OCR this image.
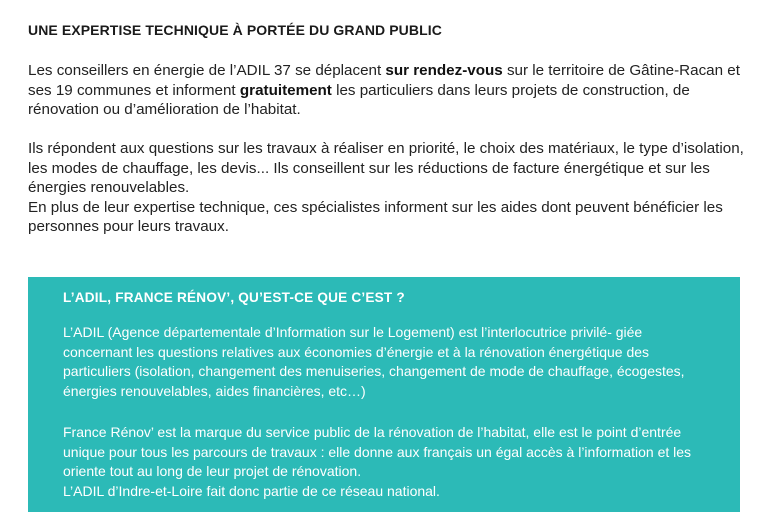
UNE EXPERTISE TECHNIQUE À PORTÉE DU GRAND PUBLIC

Les conseillers en énergie de l’ADIL 37 se déplacent sur rendez-vous sur le territoire de Gâtine-Racan et ses 19 communes et informent gratuitement les particuliers dans leurs projets de construction, de rénovation ou d’amélioration de l’habitat.

Ils répondent aux questions sur les travaux à réaliser en priorité, le choix des matériaux, le type d’isolation, les modes de chauffage, les devis... Ils conseillent sur les réductions de facture énergétique et sur les énergies renouvelables.
En plus de leur expertise technique, ces spécialistes informent sur les aides dont peuvent bénéficier les personnes pour leurs travaux.

L’ADIL, FRANCE RÉNOV’, QU’EST-CE QUE C’EST ?

L’ADIL (Agence départementale d’Information sur le Logement) est l’interlocutrice privilé- giée concernant les questions relatives aux économies d’énergie et à la rénovation énergétique des particuliers (isolation, changement des menuiseries, changement de mode de chauffage, écogestes, énergies renouvelables, aides financières, etc…)

France Rénov’ est la marque du service public de la rénovation de l’habitat, elle est le point d’entrée unique pour tous les parcours de travaux : elle donne aux français un égal accès à l’information et les oriente tout au long de leur projet de rénovation.
L’ADIL d’Indre-et-Loire fait donc partie de ce réseau national.
